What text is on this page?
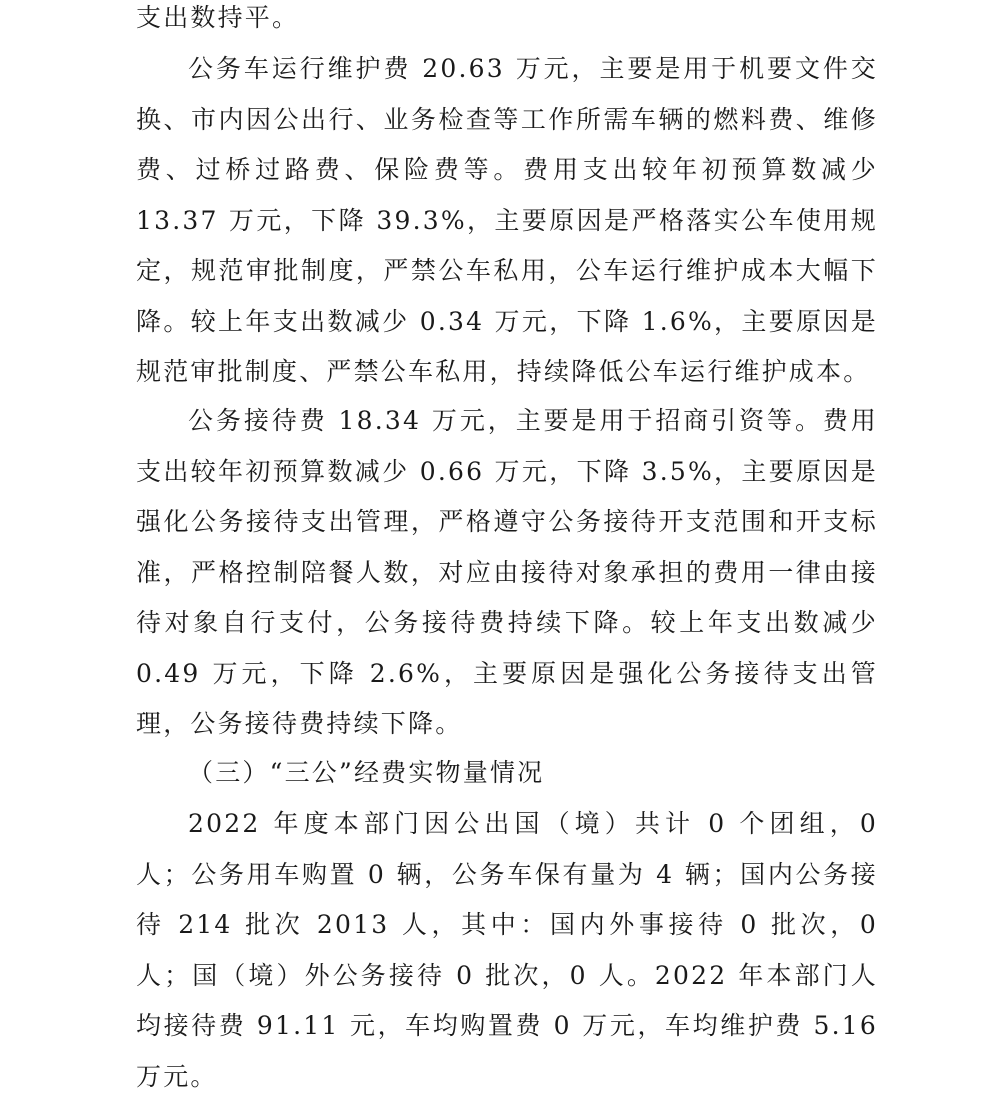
支出数持平。

公务车运行维护费 20.63 万元，主要是用于机要文件交换、市内因公出行、业务检查等工作所需车辆的燃料费、维修费、过桥过路费、保险费等。费用支出较年初预算数减少 13.37 万元，下降 39.3%，主要原因是严格落实公车使用规定，规范审批制度，严禁公车私用，公车运行维护成本大幅下降。较上年支出数减少 0.34 万元，下降 1.6%，主要原因是规范审批制度、严禁公车私用，持续降低公车运行维护成本。

公务接待费 18.34 万元，主要是用于招商引资等。费用支出较年初预算数减少 0.66 万元，下降 3.5%，主要原因是强化公务接待支出管理，严格遵守公务接待开支范围和开支标准，严格控制陪餐人数，对应由接待对象承担的费用一律由接待对象自行支付，公务接待费持续下降。较上年支出数减少 0.49 万元，下降 2.6%，主要原因是强化公务接待支出管理，公务接待费持续下降。

（三）“三公”经费实物量情况

2022 年度本部门因公出国（境）共计 0 个团组，0 人；公务用车购置 0 辆，公务车保有量为 4 辆；国内公务接待 214 批次 2013 人，其中：国内外事接待 0 批次，0 人；国（境）外公务接待 0 批次，0 人。2022 年本部门人均接待费 91.11 元，车均购置费 0 万元，车均维护费 5.16 万元。
